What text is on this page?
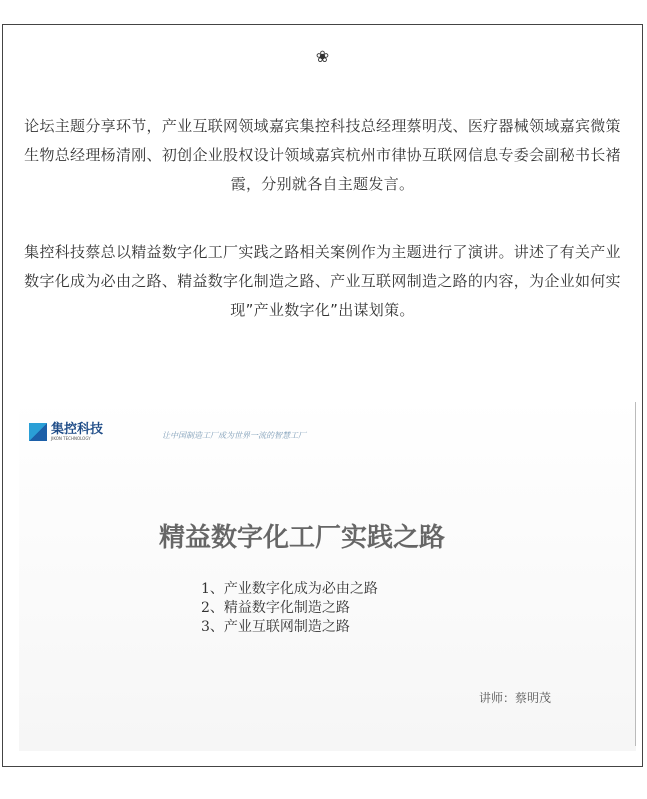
❀
论坛主题分享环节，产业互联网领域嘉宾集控科技总经理蔡明茂、医疗器械领域嘉宾微策生物总经理杨清刚、初创企业股权设计领域嘉宾杭州市律协互联网信息专委会副秘书长褚霞，分别就各自主题发言。
集控科技蔡总以精益数字化工厂实践之路相关案例作为主题进行了演讲。讲述了有关产业数字化成为必由之路、精益数字化制造之路、产业互联网制造之路的内容，为企业如何实现”产业数字化”出谋划策。
集控科技
JIKON TECHNOLOGY	让中国制造工厂成为世界一流的智慧工厂
精益数字化工厂实践之路
1、产业数字化成为必由之路
2、精益数字化制造之路
3、产业互联网制造之路
讲师：蔡明茂
